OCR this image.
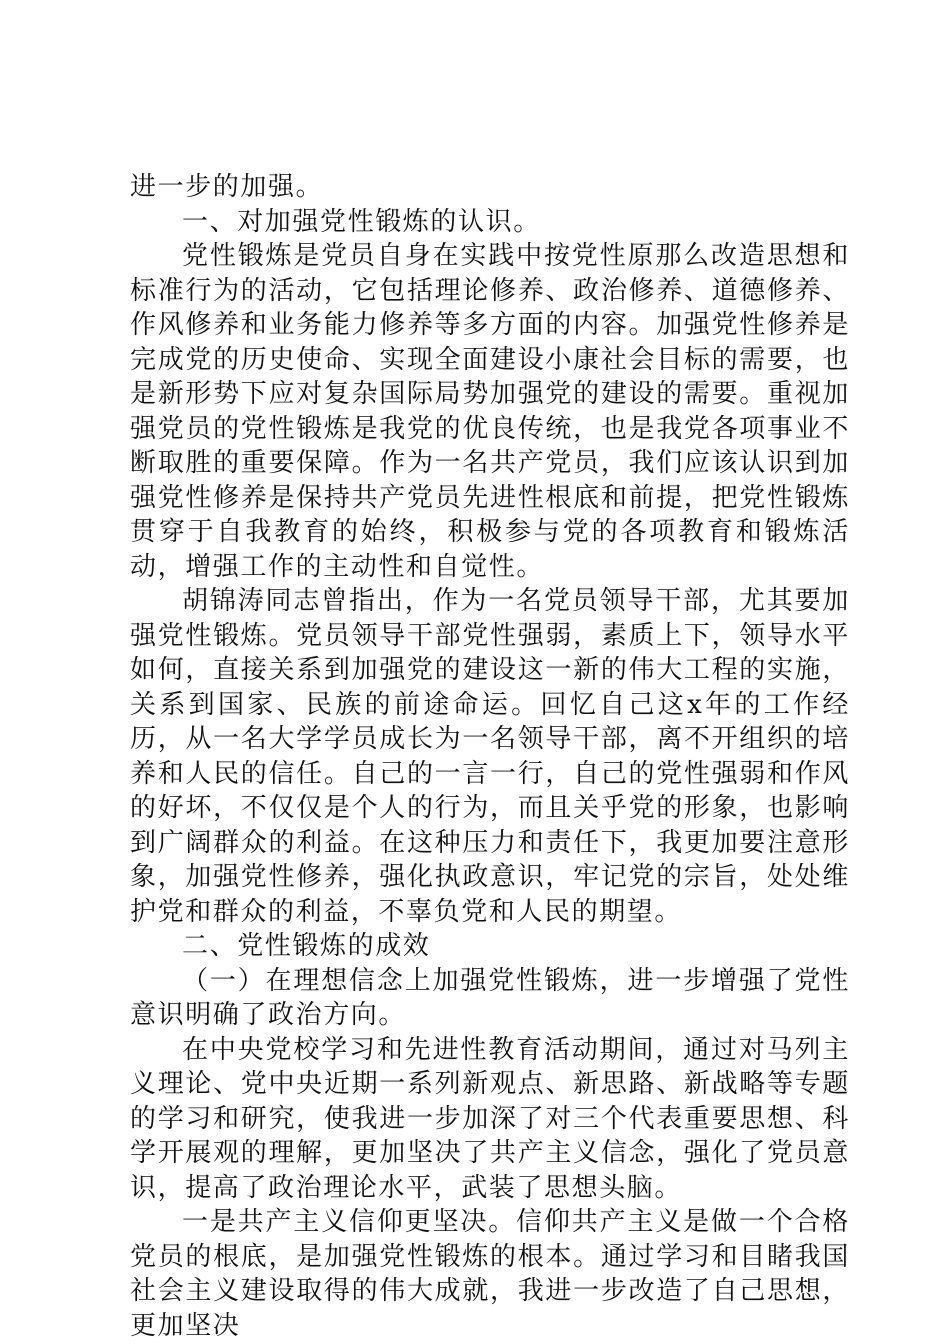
进一步的加强。

一、对加强党性锻炼的认识。

党性锻炼是党员自身在实践中按党性原那么改造思想和标准行为的活动，它包括理论修养、政治修养、道德修养、作风修养和业务能力修养等多方面的内容。加强党性修养是完成党的历史使命、实现全面建设小康社会目标的需要，也是新形势下应对复杂国际局势加强党的建设的需要。重视加强党员的党性锻炼是我党的优良传统，也是我党各项事业不断取胜的重要保障。作为一名共产党员，我们应该认识到加强党性修养是保持共产党员先进性根底和前提，把党性锻炼贯穿于自我教育的始终，积极参与党的各项教育和锻炼活动，增强工作的主动性和自觉性。

胡锦涛同志曾指出，作为一名党员领导干部，尤其要加强党性锻炼。党员领导干部党性强弱，素质上下，领导水平如何，直接关系到加强党的建设这一新的伟大工程的实施，关系到国家、民族的前途命运。回忆自己这x年的工作经历，从一名大学学员成长为一名领导干部，离不开组织的培养和人民的信任。自己的一言一行，自己的党性强弱和作风的好坏，不仅仅是个人的行为，而且关乎党的形象，也影响到广阔群众的利益。在这种压力和责任下，我更加要注意形象，加强党性修养，强化执政意识，牢记党的宗旨，处处维护党和群众的利益，不辜负党和人民的期望。

二、党性锻炼的成效

（一）在理想信念上加强党性锻炼，进一步增强了党性意识明确了政治方向。

在中央党校学习和先进性教育活动期间，通过对马列主义理论、党中央近期一系列新观点、新思路、新战略等专题的学习和研究，使我进一步加深了对三个代表重要思想、科学开展观的理解，更加坚决了共产主义信念，强化了党员意识，提高了政治理论水平，武装了思想头脑。

一是共产主义信仰更坚决。信仰共产主义是做一个合格党员的根底，是加强党性锻炼的根本。通过学习和目睹我国社会主义建设取得的伟大成就，我进一步改造了自己思想，更加坚决
